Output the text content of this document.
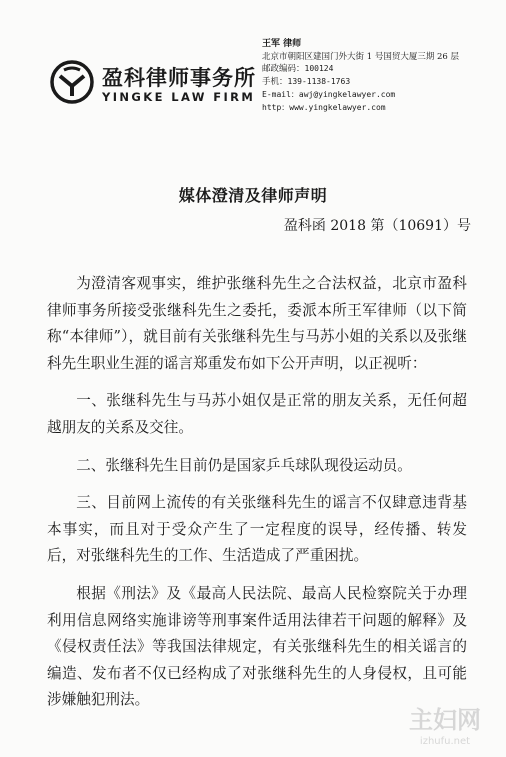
盈科律师事务所
YINGKE LAW FIRM
王军 律师
北京市朝阳区建国门外大街 1 号国贸大厦三期 26 层
邮政编码：100124
手机：139-1138-1763
E-mail：awj@yingkelawyer.com
http：www.yingkelawyer.com
媒体澄清及律师声明
盈科函 2018 第（10691）号

为澄清客观事实，维护张继科先生之合法权益，北京市盈科律师事务所接受张继科先生之委托，委派本所王军律师（以下简称“本律师”），就目前有关张继科先生与马苏小姐的关系以及张继科先生职业生涯的谣言郑重发布如下公开声明，以正视听：

一、张继科先生与马苏小姐仅是正常的朋友关系，无任何超越朋友的关系及交往。

二、张继科先生目前仍是国家乒乓球队现役运动员。

三、目前网上流传的有关张继科先生的谣言不仅肆意违背基本事实，而且对于受众产生了一定程度的误导，经传播、转发后，对张继科先生的工作、生活造成了严重困扰。

根据《刑法》及《最高人民法院、最高人民检察院关于办理利用信息网络实施诽谤等刑事案件适用法律若干问题的解释》及《侵权责任法》等我国法律规定，有关张继科先生的相关谣言的编造、发布者不仅已经构成了对张继科先生的人身侵权，且可能涉嫌触犯刑法。

主妇网
izhufu.net
